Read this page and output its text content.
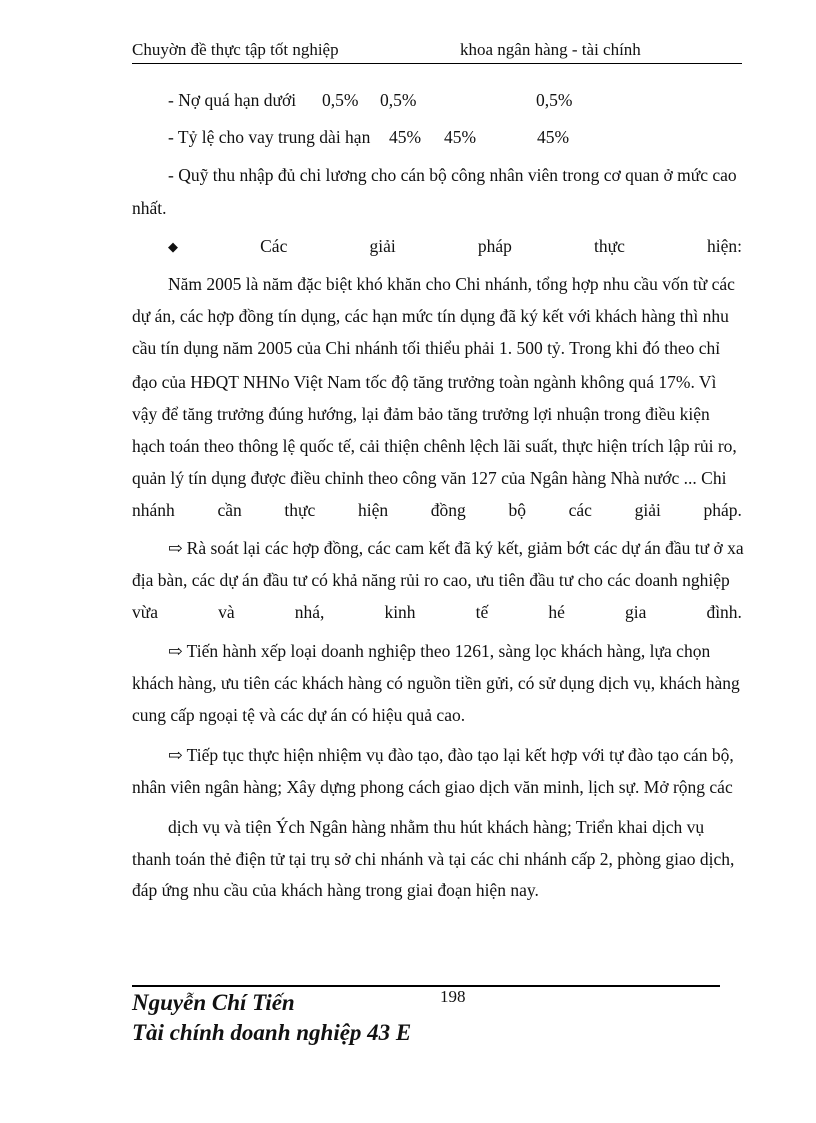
Chuyờn đề thực tập tốt nghiệp	khoa ngân hàng - tài chính
- Nợ quá hạn dưới 0,5% 0,5%	0,5%
- Tỷ lệ cho vay trung dài hạn 45% 45%	45%
- Quỹ thu nhập đủ chi lương cho cán bộ công nhân viên trong cơ quan ở mức cao
nhất.
◆	Các	giải	pháp	thực	hiện:
Năm 2005 là năm đặc biệt khó khăn cho Chi nhánh, tổng hợp nhu cầu vốn từ các
dự án, các hợp đồng tín dụng, các hạn mức tín dụng đã ký kết với khách hàng thì nhu
cầu tín dụng năm 2005 của Chi nhánh tối thiểu phải 1. 500 tỷ. Trong khi đó theo chỉ
đạo của HĐQT NHNo Việt Nam tốc độ tăng trưởng toàn ngành không quá 17%. Vì
vậy để tăng trưởng đúng hướng, lại đảm bảo tăng trưởng lợi nhuận trong điều kiện
hạch toán theo thông lệ quốc tế, cải thiện chênh lệch lãi suất, thực hiện trích lập rủi ro,
quản lý tín dụng được điều chỉnh theo công văn 127 của Ngân hàng Nhà nước ... Chi
nhánh cần thực hiện đồng bộ các giải pháp.
⇨ Rà soát lại các hợp đồng, các cam kết đã ký kết, giảm bớt các dự án đầu tư ở xa
địa bàn, các dự án đầu tư có khả năng rủi ro cao, ưu tiên đầu tư cho các doanh nghiệp
vừa	và	nhá,	kinh	tế	hé	gia	đình.
⇨ Tiến hành xếp loại doanh nghiệp theo 1261, sàng lọc khách hàng, lựa chọn
khách hàng, ưu tiên các khách hàng có nguồn tiền gửi, có sử dụng dịch vụ, khách hàng
cung cấp ngoại tệ và các dự án có hiệu quả cao.
⇨ Tiếp tục thực hiện nhiệm vụ đào tạo, đào tạo lại kết hợp với tự đào tạo cán bộ,
nhân viên ngân hàng; Xây dựng phong cách giao dịch văn minh, lịch sự. Mở rộng các
dịch vụ và tiện Ých Ngân hàng nhằm thu hút khách hàng; Triển khai dịch vụ
thanh toán thẻ điện tử tại trụ sở chi nhánh và tại các chi nhánh cấp 2, phòng giao dịch,
đáp ứng nhu cầu của khách hàng trong giai đoạn hiện nay.
198
Nguyễn Chí Tiến
Tài chính doanh nghiệp 43 E
